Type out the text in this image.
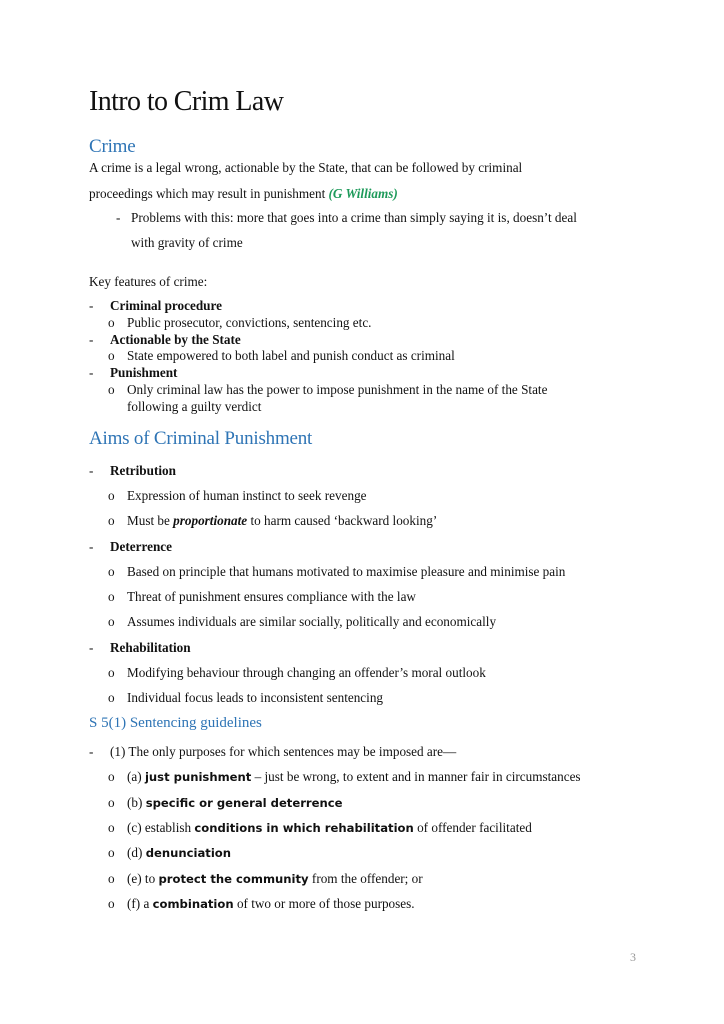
Intro to Crim Law
Crime
A crime is a legal wrong, actionable by the State, that can be followed by criminal
proceedings which may result in punishment (G Williams)
- Problems with this: more that goes into a crime than simply saying it is, doesn’t deal
with gravity of crime
Key features of crime:
- Criminal procedure
o Public prosecutor, convictions, sentencing etc.
- Actionable by the State
o State empowered to both label and punish conduct as criminal
- Punishment
o Only criminal law has the power to impose punishment in the name of the State
following a guilty verdict
Aims of Criminal Punishment
- Retribution
o Expression of human instinct to seek revenge
o Must be proportionate to harm caused ‘backward looking’
- Deterrence
o Based on principle that humans motivated to maximise pleasure and minimise pain
o Threat of punishment ensures compliance with the law
o Assumes individuals are similar socially, politically and economically
- Rehabilitation
o Modifying behaviour through changing an offender’s moral outlook
o Individual focus leads to inconsistent sentencing
S 5(1) Sentencing guidelines
- (1) The only purposes for which sentences may be imposed are—
o (a) just punishment – just be wrong, to extent and in manner fair in circumstances
o (b) specific or general deterrence
o (c) establish conditions in which rehabilitation of offender facilitated
o (d) denunciation
o (e) to protect the community from the offender; or
o (f) a combination of two or more of those purposes.
3
